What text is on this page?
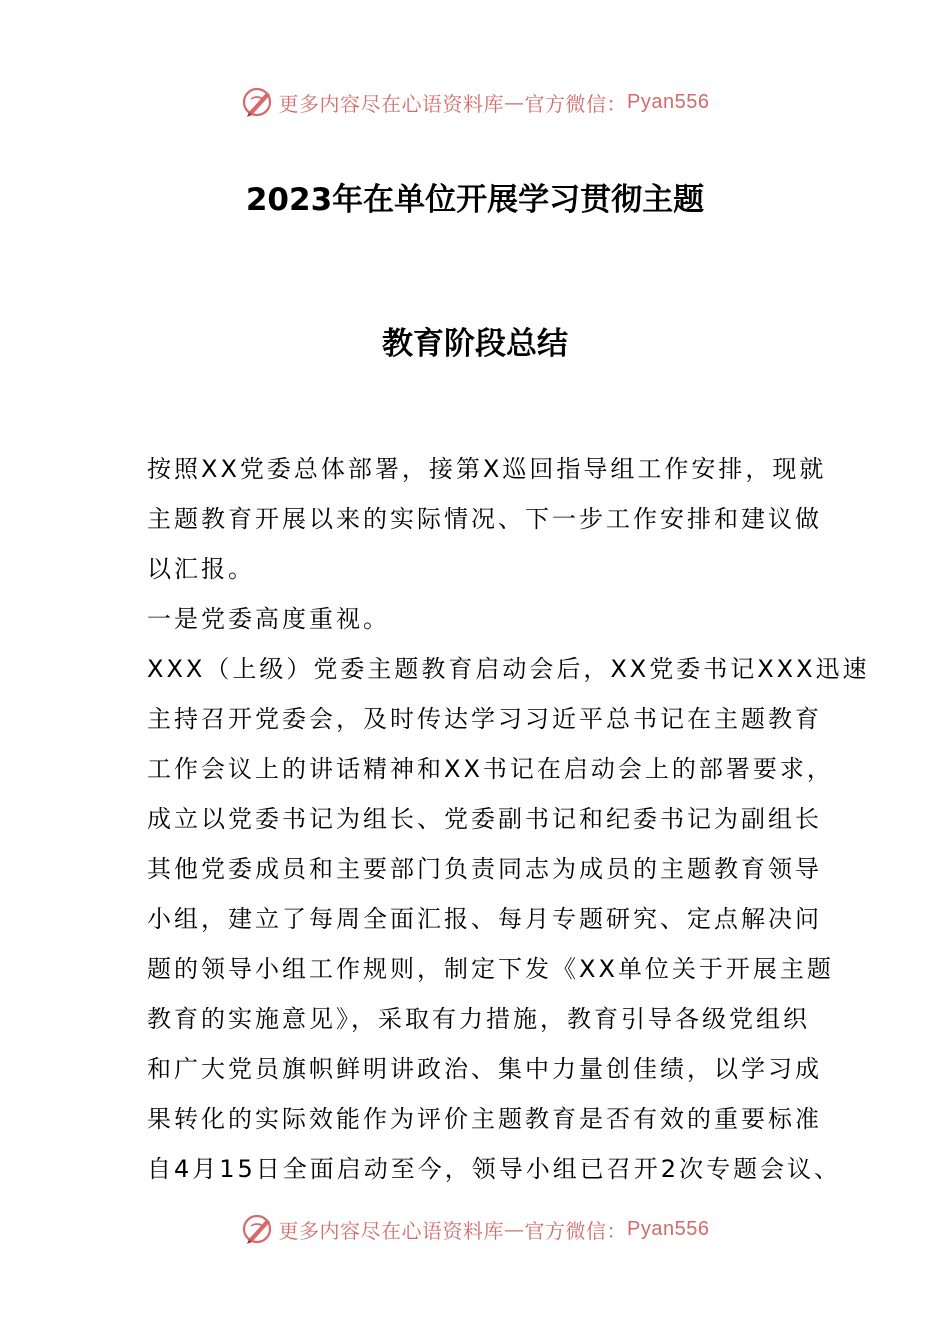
更多内容尽在心语资料库 — 官方微信： Pyan556
2023年在单位开展学习贯彻主题
教育阶段总结
按照XX党委总体部署，接第X巡回指导组工作安排，现就
主题教育开展以来的实际情况、下一步工作安排和建议做
以汇报。
一是党委高度重视。
XXX（上级）党委主题教育启动会后，XX党委书记XXX迅速
主持召开党委会，及时传达学习习近平总书记在主题教育
工作会议上的讲话精神和XX书记在启动会上的部署要求，
成立以党委书记为组长、党委副书记和纪委书记为副组长
其他党委成员和主要部门负责同志为成员的主题教育领导
小组，建立了每周全面汇报、每月专题研究、定点解决问
题的领导小组工作规则，制定下发《XX单位关于开展主题
教育的实施意见》，采取有力措施，教育引导各级党组织
和广大党员旗帜鲜明讲政治、集中力量创佳绩，以学习成
果转化的实际效能作为评价主题教育是否有效的重要标准
自4月15日全面启动至今，领导小组已召开2次专题会议、
更多内容尽在心语资料库 — 官方微信： Pyan556
